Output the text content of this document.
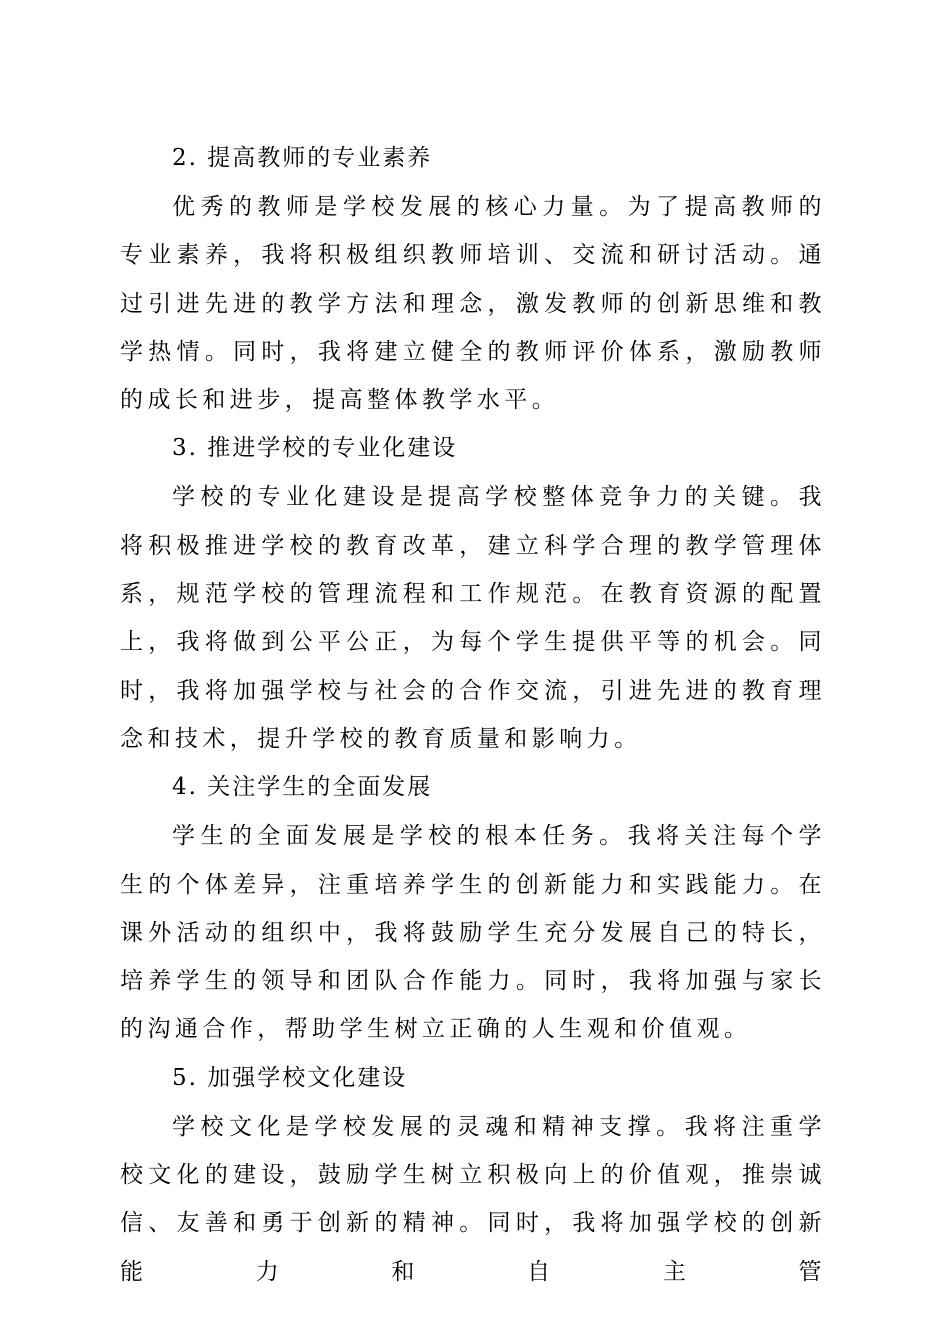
2. 提高教师的专业素养

优秀的教师是学校发展的核心力量。为了提高教师的专业素养，我将积极组织教师培训、交流和研讨活动。通过引进先进的教学方法和理念，激发教师的创新思维和教学热情。同时，我将建立健全的教师评价体系，激励教师的成长和进步，提高整体教学水平。

3. 推进学校的专业化建设

学校的专业化建设是提高学校整体竞争力的关键。我将积极推进学校的教育改革，建立科学合理的教学管理体系，规范学校的管理流程和工作规范。在教育资源的配置上，我将做到公平公正，为每个学生提供平等的机会。同时，我将加强学校与社会的合作交流，引进先进的教育理念和技术，提升学校的教育质量和影响力。

4. 关注学生的全面发展

学生的全面发展是学校的根本任务。我将关注每个学生的个体差异，注重培养学生的创新能力和实践能力。在课外活动的组织中，我将鼓励学生充分发展自己的特长，培养学生的领导和团队合作能力。同时，我将加强与家长的沟通合作，帮助学生树立正确的人生观和价值观。

5. 加强学校文化建设

学校文化是学校发展的灵魂和精神支撑。我将注重学校文化的建设，鼓励学生树立积极向上的价值观，推崇诚信、友善和勇于创新的精神。同时，我将加强学校的创新能力和自主管
